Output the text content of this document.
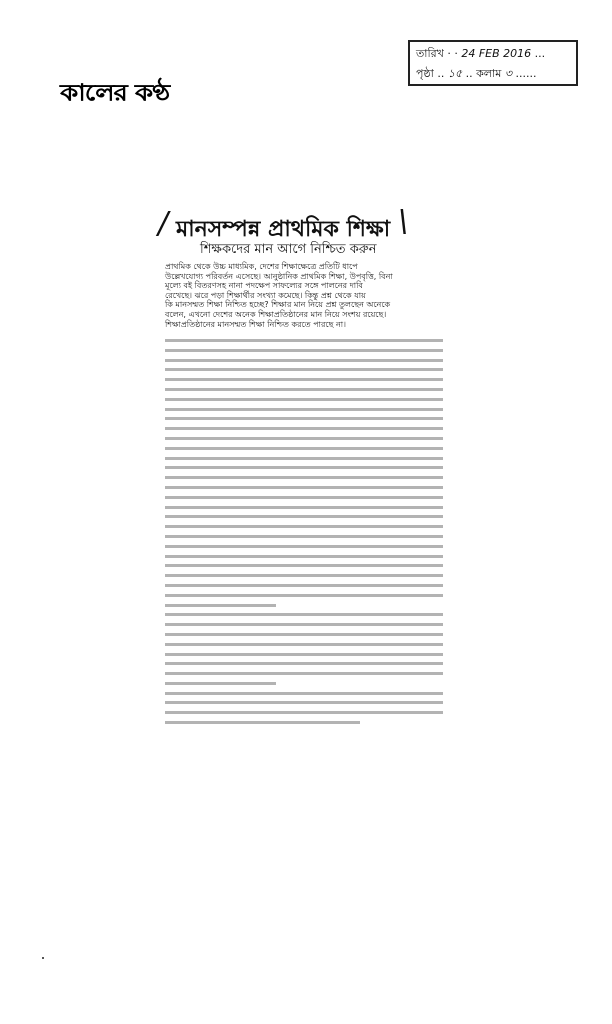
কালের কণ্ঠ
তারিখ · · 24 FEB 2016 ...
পৃষ্ঠা .. ১৫ .. কলাম ৩ ......
/ মানসম্পন্ন প্রাথমিক শিক্ষা \
শিক্ষকদের মান আগে নিশ্চিত করুন

প্রাথমিক থেকে উচ্চ মাধ্যমিক, দেশের শিক্ষাক্ষেত্রে প্রতিটি ধাপে

উল্লেখযোগ্য পরিবর্তন এসেছে। আনুষ্ঠানিক প্রাথমিক শিক্ষা, উপবৃত্তি, বিনা

মূল্যে বই বিতরণসহ নানা পদক্ষেপ সাফল্যের সঙ্গে পালনের দাবি

রেখেছে। ঝরে পড়া শিক্ষার্থীর সংখ্যা কমেছে। কিন্তু প্রশ্ন থেকে যায়

কি মানসম্মত শিক্ষা নিশ্চিত হচ্ছে? শিক্ষার মান নিয়ে প্রশ্ন তুলছেন অনেকে

বলেন, এখনো দেশের অনেক শিক্ষাপ্রতিষ্ঠানের মান নিয়ে সংশয় রয়েছে।

শিক্ষাপ্রতিষ্ঠানের মানসম্মত শিক্ষা নিশ্চিত করতে পারছে না।
